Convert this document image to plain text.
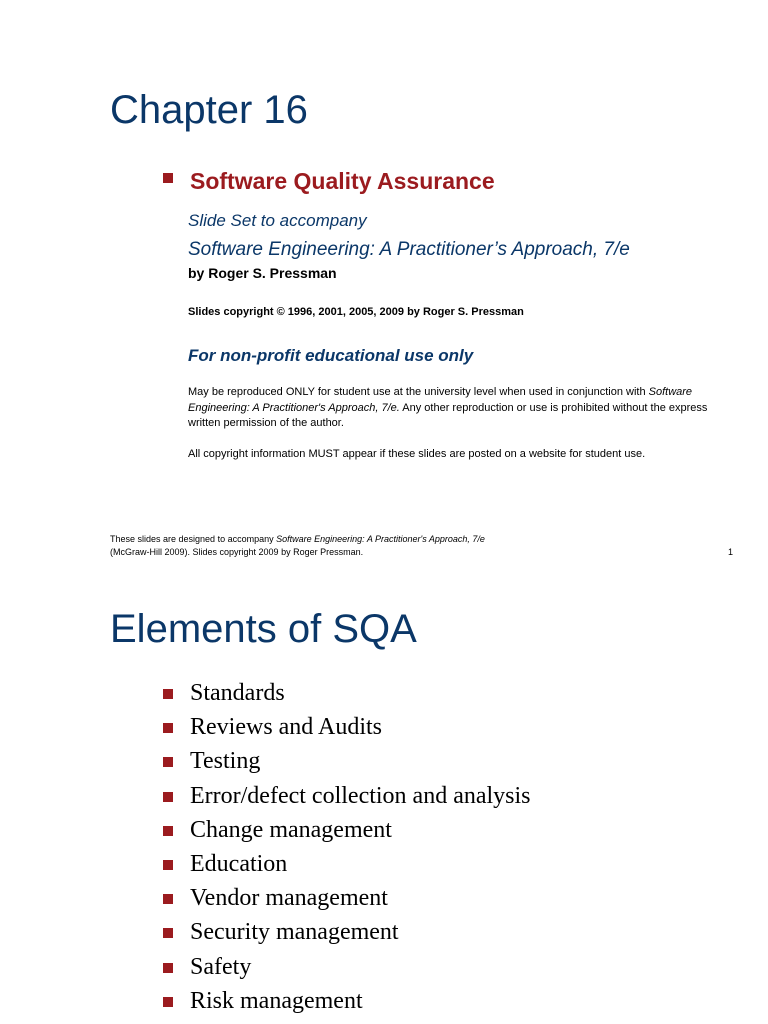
Chapter 16
Software Quality Assurance

Slide Set to accompany

Software Engineering: A Practitioner’s Approach, 7/e

by Roger S. Pressman

Slides copyright © 1996, 2001, 2005, 2009 by Roger S. Pressman

For non-profit educational use only

May be reproduced ONLY for student use at the university level when used in conjunction with Software Engineering: A Practitioner's Approach, 7/e. Any other reproduction or use is prohibited without the express written permission of the author.

All copyright information MUST appear if these slides are posted on a website for student use.

These slides are designed to accompany Software Engineering: A Practitioner's Approach, 7/e
(McGraw-Hill 2009). Slides copyright 2009 by Roger Pressman.	1

Elements of SQA
Standards
Reviews and Audits
Testing
Error/defect collection and analysis
Change management
Education
Vendor management
Security management
Safety
Risk management
